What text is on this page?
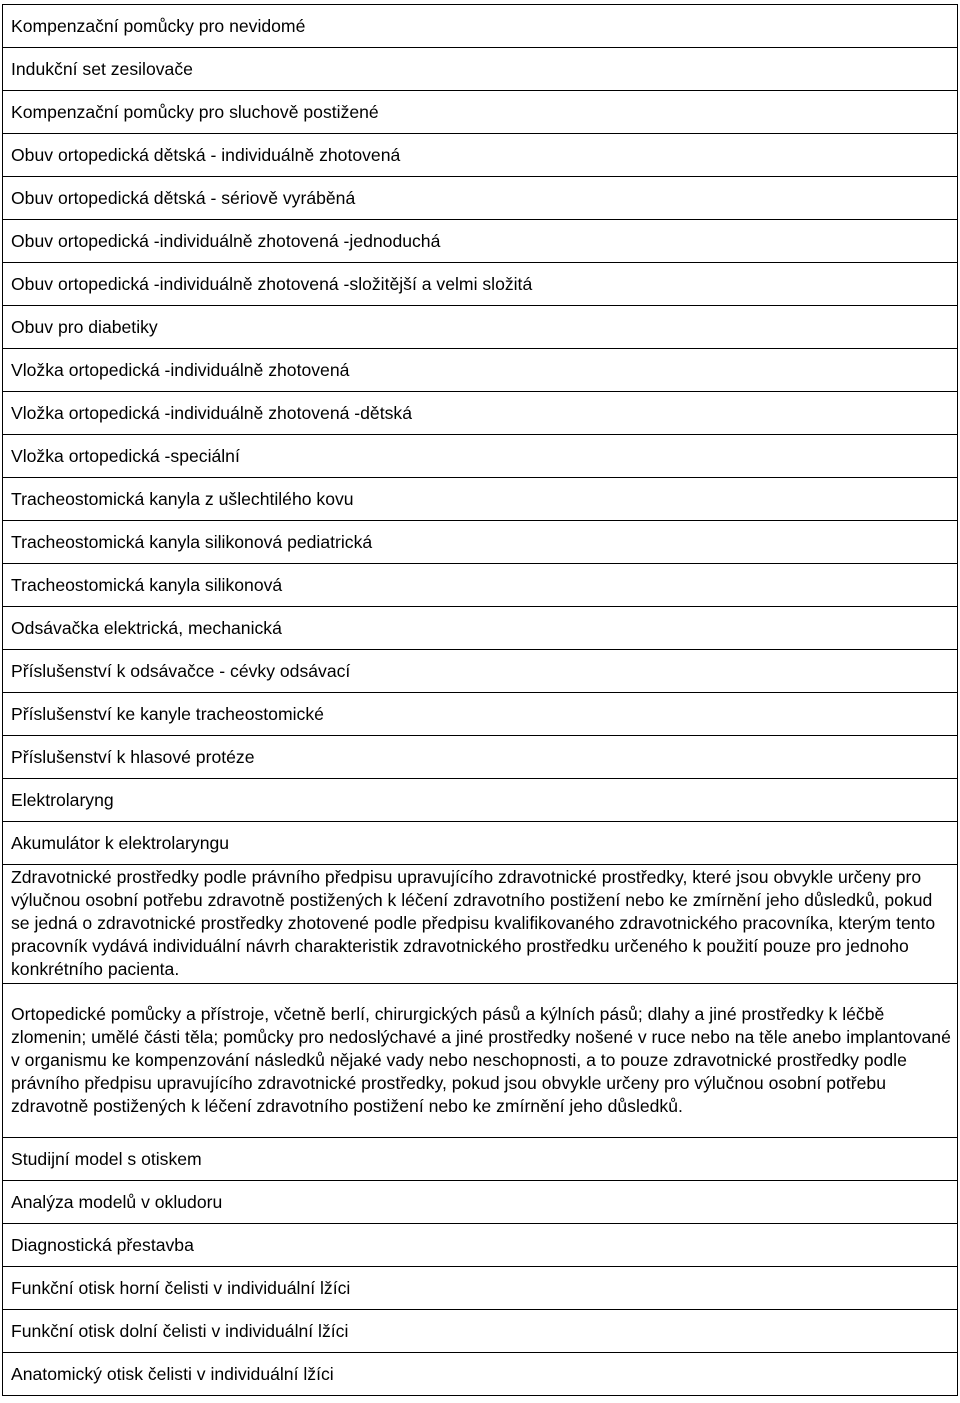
Kompenzační pomůcky pro nevidomé
Indukční set zesilovače
Kompenzační pomůcky pro sluchově postižené
Obuv ortopedická dětská - individuálně zhotovená
Obuv ortopedická dětská - sériově vyráběná
Obuv ortopedická -individuálně zhotovená -jednoduchá
Obuv ortopedická -individuálně zhotovená -složitější a velmi složitá
Obuv pro diabetiky
Vložka ortopedická -individuálně zhotovená
Vložka ortopedická -individuálně zhotovená -dětská
Vložka ortopedická -speciální
Tracheostomická kanyla z ušlechtilého kovu
Tracheostomická kanyla silikonová pediatrická
Tracheostomická kanyla silikonová
Odsávačka elektrická, mechanická
Příslušenství k odsávačce - cévky odsávací
Příslušenství ke kanyle tracheostomické
Příslušenství k hlasové protéze
Elektrolaryng
Akumulátor k elektrolaryngu
Zdravotnické prostředky podle právního předpisu upravujícího zdravotnické prostředky, které jsou obvykle určeny pro výlučnou osobní potřebu zdravotně postižených k léčení zdravotního postižení nebo ke zmírnění jeho důsledků, pokud se jedná o zdravotnické prostředky zhotovené podle předpisu kvalifikovaného zdravotnického pracovníka, kterým tento pracovník vydává individuální návrh charakteristik zdravotnického prostředku určeného k použití pouze pro jednoho konkrétního pacienta.
Ortopedické pomůcky a přístroje, včetně berlí, chirurgických pásů a kýlních pásů; dlahy a jiné prostředky k léčbě zlomenin; umělé části těla; pomůcky pro nedoslýchavé a jiné prostředky nošené v ruce nebo na těle anebo implantované v organismu ke kompenzování následků nějaké vady nebo neschopnosti, a to pouze zdravotnické prostředky podle právního předpisu upravujícího zdravotnické prostředky, pokud jsou obvykle určeny pro výlučnou osobní potřebu zdravotně postižených k léčení zdravotního postižení nebo ke zmírnění jeho důsledků.
Studijní model s otiskem
Analýza modelů v okludoru
Diagnostická přestavba
Funkční otisk horní čelisti v individuální lžíci
Funkční otisk dolní čelisti v individuální lžíci
Anatomický otisk čelisti v individuální lžíci
